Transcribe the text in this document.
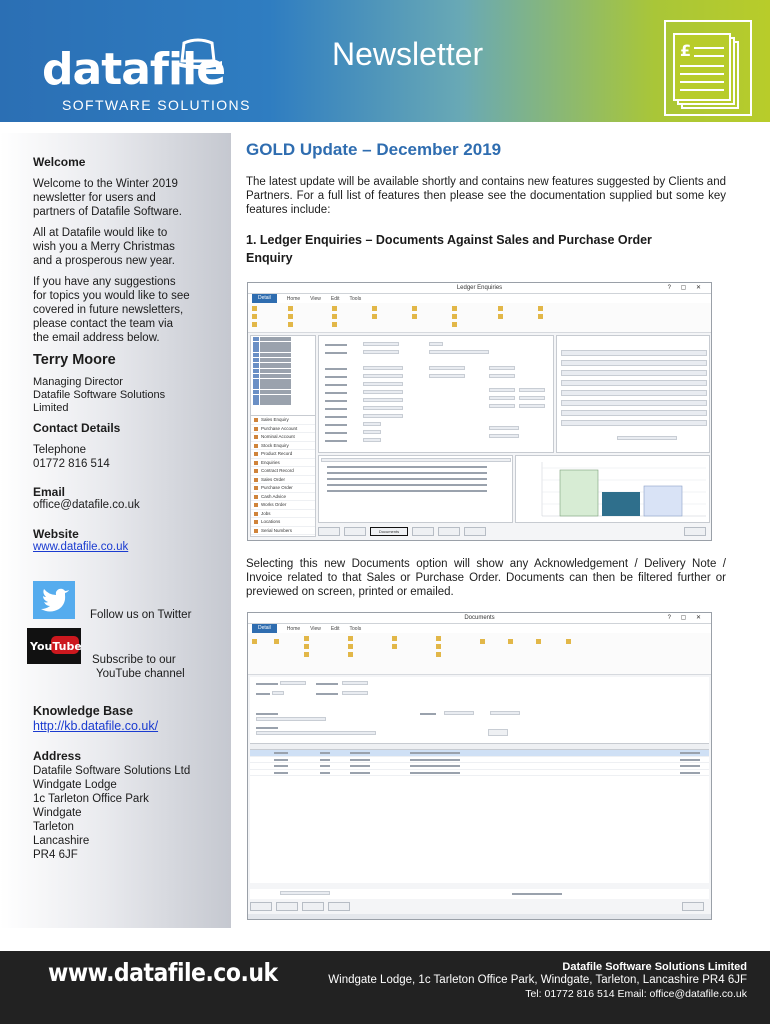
datafile
SOFTWARE SOLUTIONS
Newsletter	£
Welcome
Welcome to the Winter 2019
newsletter for users and
partners of Datafile Software.
All at Datafile would like to
wish you a Merry Christmas
and a prosperous new year.
If you have any suggestions
for topics you would like to see
covered in future newsletters,
please contact the team via
the email address below.
Terry Moore
Managing Director
Datafile Software Solutions
Limited
Contact Details
Telephone
01772 816 514
Email
office@datafile.co.uk
Website
www.datafile.co.uk
Follow us on Twitter
YouTube
Subscribe to our
YouTube channel
Knowledge Base
http://kb.datafile.co.uk/
Address
Datafile Software Solutions Ltd
Windgate Lodge
1c Tarleton Office Park
Windgate
Tarleton
Lancashire
PR4 6JF
GOLD Update – December 2019
The latest update will be available shortly and contains new features suggested by Clients and Partners. For a full list of features then please see the documentation supplied but some key features include:
1. Ledger Enquiries – Documents Against Sales and Purchase Order
Enquiry
Ledger Enquiries	? ▢ ✕
Detail	Home View Edit Tools
Sales Enquiry
Purchase Account
Nominal Account
Stock Enquiry
Product Record
Enquiries
Contract Record
Sales Order
Purchase Order
Cash Advice
Works Order
Jobs
Locations
Serial Numbers	Documents
Selecting this new Documents option will show any Acknowledgement / Delivery Note / Invoice related to that Sales or Purchase Order. Documents can then be filtered further or previewed on screen, printed or emailed.
Documents	? ▢ ✕
Detail	Home View Edit Tools
www.datafile.co.uk	Datafile Software Solutions Limited
Windgate Lodge, 1c Tarleton Office Park, Windgate, Tarleton, Lancashire PR4 6JF
Tel: 01772 816 514 Email: office@datafile.co.uk
